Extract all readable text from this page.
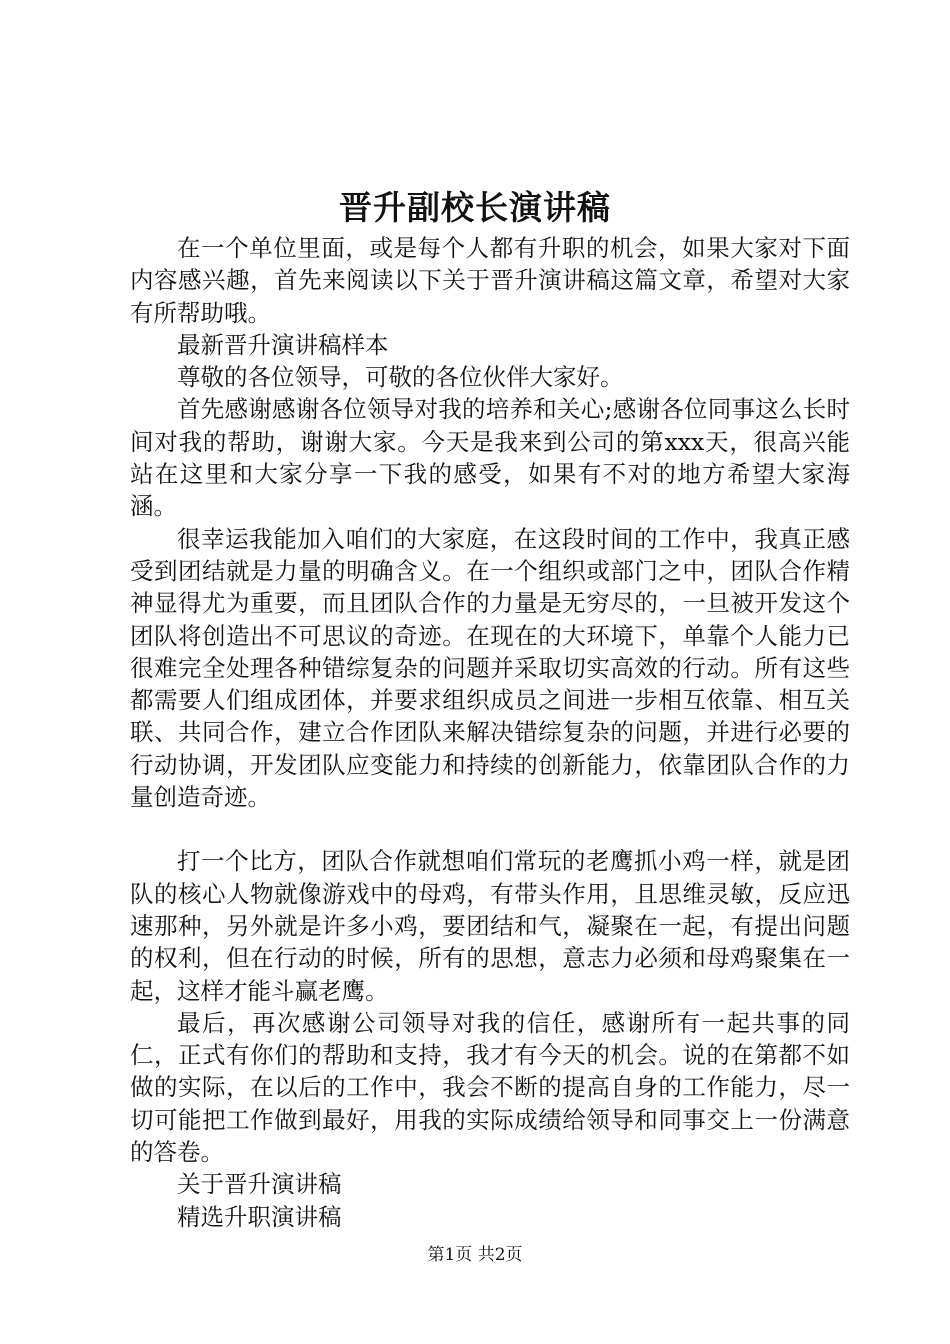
晋升副校长演讲稿

在一个单位里面，或是每个人都有升职的机会，如果大家对下面内容感兴趣，首先来阅读以下关于晋升演讲稿这篇文章，希望对大家有所帮助哦。

最新晋升演讲稿样本

尊敬的各位领导，可敬的各位伙伴大家好。

首先感谢感谢各位领导对我的培养和关心;感谢各位同事这么长时间对我的帮助，谢谢大家。今天是我来到公司的第xxx天，很高兴能站在这里和大家分享一下我的感受，如果有不对的地方希望大家海涵。

很幸运我能加入咱们的大家庭，在这段时间的工作中，我真正感受到团结就是力量的明确含义。在一个组织或部门之中，团队合作精神显得尤为重要，而且团队合作的力量是无穷尽的，一旦被开发这个团队将创造出不可思议的奇迹。在现在的大环境下，单靠个人能力已很难完全处理各种错综复杂的问题并采取切实高效的行动。所有这些都需要人们组成团体，并要求组织成员之间进一步相互依靠、相互关联、共同合作，建立合作团队来解决错综复杂的问题，并进行必要的行动协调，开发团队应变能力和持续的创新能力，依靠团队合作的力量创造奇迹。

打一个比方，团队合作就想咱们常玩的老鹰抓小鸡一样，就是团队的核心人物就像游戏中的母鸡，有带头作用，且思维灵敏，反应迅速那种，另外就是许多小鸡，要团结和气，凝聚在一起，有提出问题的权利，但在行动的时候，所有的思想，意志力必须和母鸡聚集在一起，这样才能斗赢老鹰。

最后，再次感谢公司领导对我的信任，感谢所有一起共事的同仁，正式有你们的帮助和支持，我才有今天的机会。说的在第都不如做的实际，在以后的工作中，我会不断的提高自身的工作能力，尽一切可能把工作做到最好，用我的实际成绩给领导和同事交上一份满意的答卷。

关于晋升演讲稿

精选升职演讲稿

第1页 共2页
